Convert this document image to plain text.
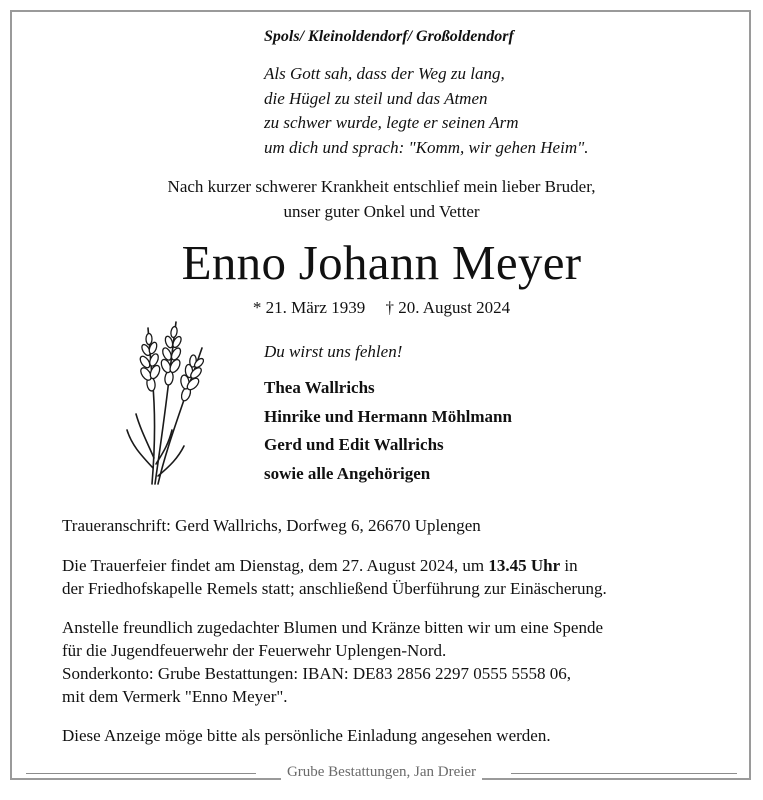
Spols/ Kleinoldendorf/ Großoldendorf
Als Gott sah, dass der Weg zu lang,
die Hügel zu steil und das Atmen
zu schwer wurde, legte er seinen Arm
um dich und sprach: "Komm, wir gehen Heim".
Nach kurzer schwerer Krankheit entschlief mein lieber Bruder,
unser guter Onkel und Vetter
Enno Johann Meyer
* 21. März 1939 † 20. August 2024
Du wirst uns fehlen!
Thea Wallrichs
Hinrike und Hermann Möhlmann
Gerd und Edit Wallrichs
sowie alle Angehörigen
Traueranschrift: Gerd Wallrichs, Dorfweg 6, 26670 Uplengen
Die Trauerfeier findet am Dienstag, dem 27. August 2024, um 13.45 Uhr in
der Friedhofskapelle Remels statt; anschließend Überführung zur Einäscherung.
Anstelle freundlich zugedachter Blumen und Kränze bitten wir um eine Spende
für die Jugendfeuerwehr der Feuerwehr Uplengen-Nord.
Sonderkonto: Grube Bestattungen: IBAN: DE83 2856 2297 0555 5558 06,
mit dem Vermerk "Enno Meyer".
Diese Anzeige möge bitte als persönliche Einladung angesehen werden.
Grube Bestattungen, Jan Dreier
